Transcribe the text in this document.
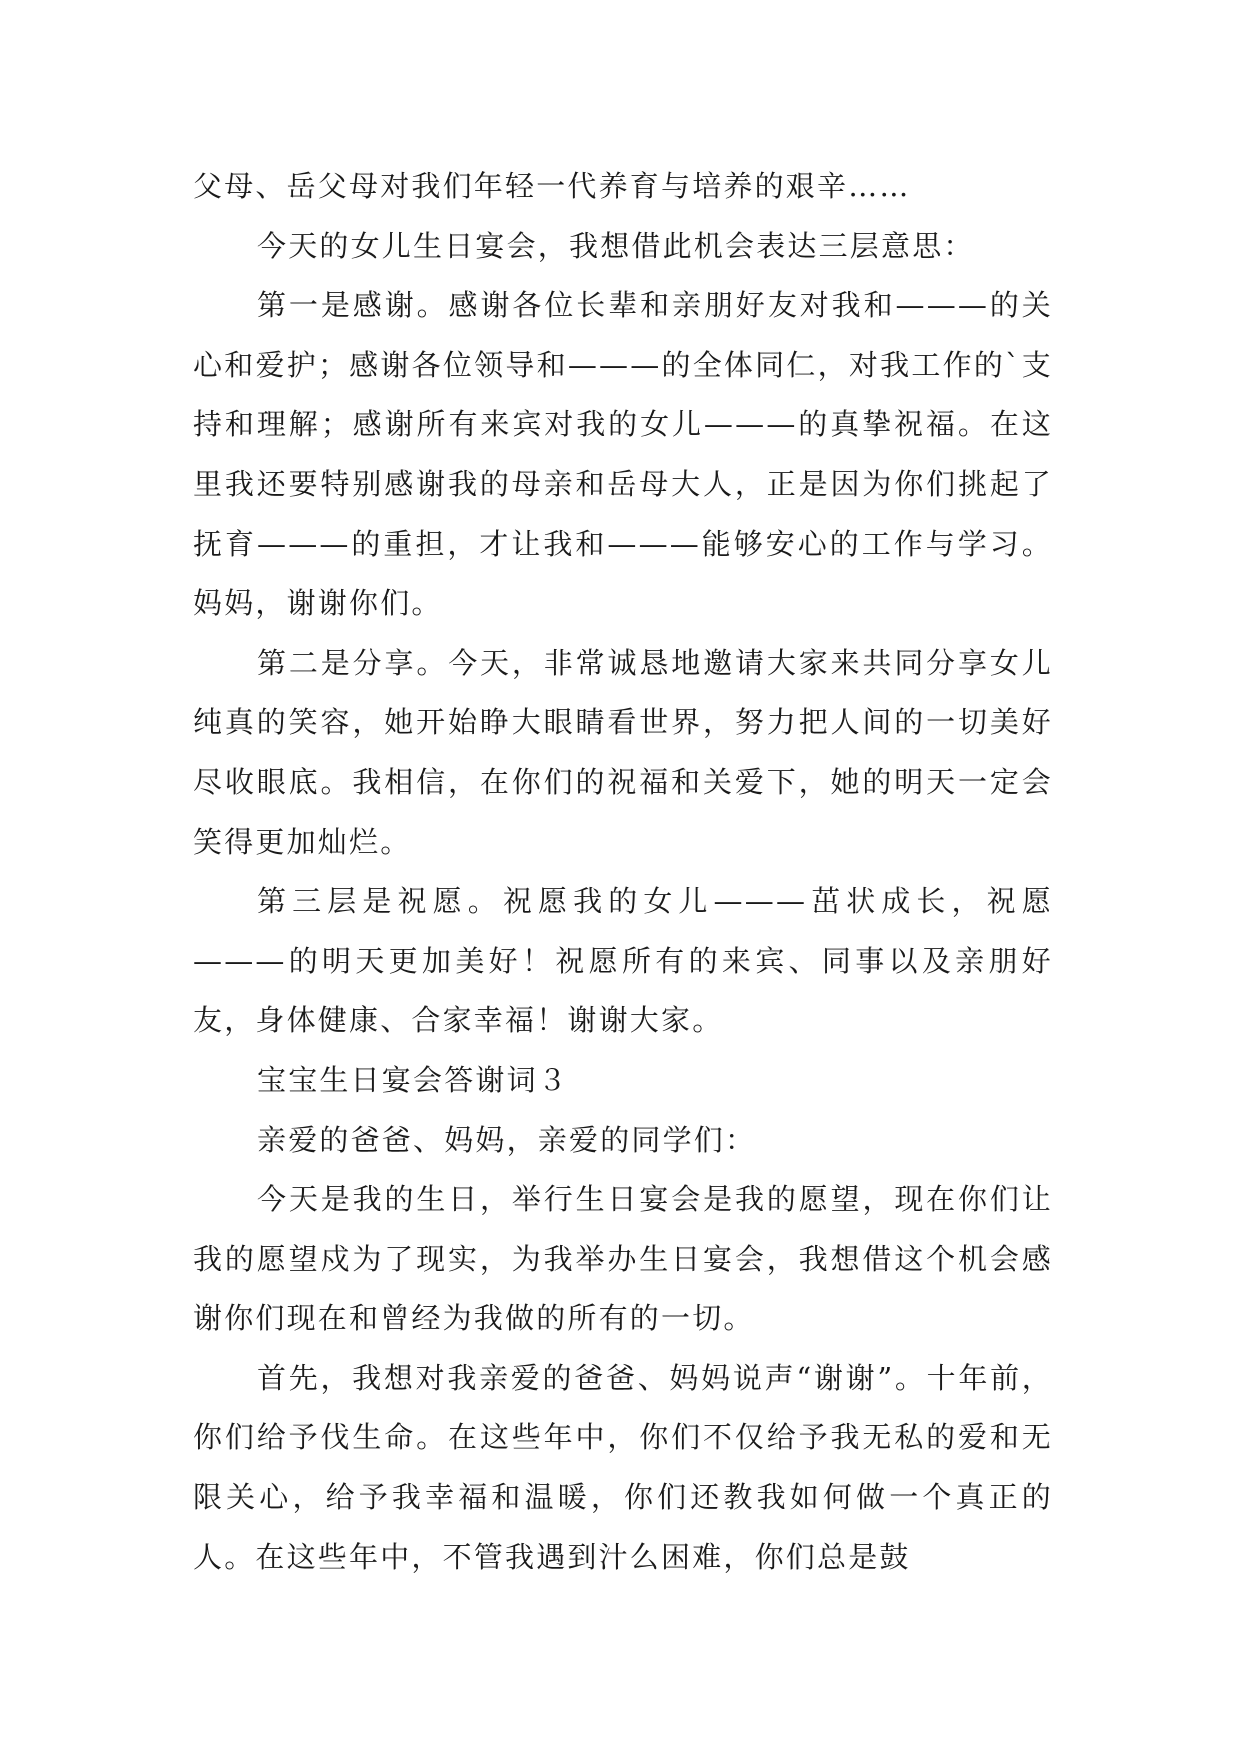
父母、岳父母对我们年轻一代养育与培养的艰辛……

今天的女儿生日宴会，我想借此机会表达三层意思：

第一是感谢。感谢各位长辈和亲朋好友对我和———的关心和爱护；感谢各位领导和———的全体同仁，对我工作的`支持和理解；感谢所有来宾对我的女儿———的真挚祝福。在这里我还要特别感谢我的母亲和岳母大人，正是因为你们挑起了抚育———的重担，才让我和———能够安心的工作与学习。妈妈，谢谢你们。

第二是分享。今天，非常诚恳地邀请大家来共同分享女儿纯真的笑容，她开始睁大眼睛看世界，努力把人间的一切美好尽收眼底。我相信，在你们的祝福和关爱下，她的明天一定会笑得更加灿烂。

第三层是祝愿。祝愿我的女儿———茁状成长，祝愿———的明天更加美好！祝愿所有的来宾、同事以及亲朋好友，身体健康、合家幸福！谢谢大家。

宝宝生日宴会答谢词３

亲爱的爸爸、妈妈，亲爱的同学们：

今天是我的生日，举行生日宴会是我的愿望，现在你们让我的愿望戍为了现实，为我举办生日宴会，我想借这个机会感谢你们现在和曾经为我做的所有的一切。

首先，我想对我亲爱的爸爸、妈妈说声“谢谢”。十年前，你们给予伐生命。在这些年中，你们不仅给予我无私的爱和无限关心，给予我幸福和温暖，你们还教我如何做一个真正的人。在这些年中，不管我遇到汁么困难，你们总是鼓
